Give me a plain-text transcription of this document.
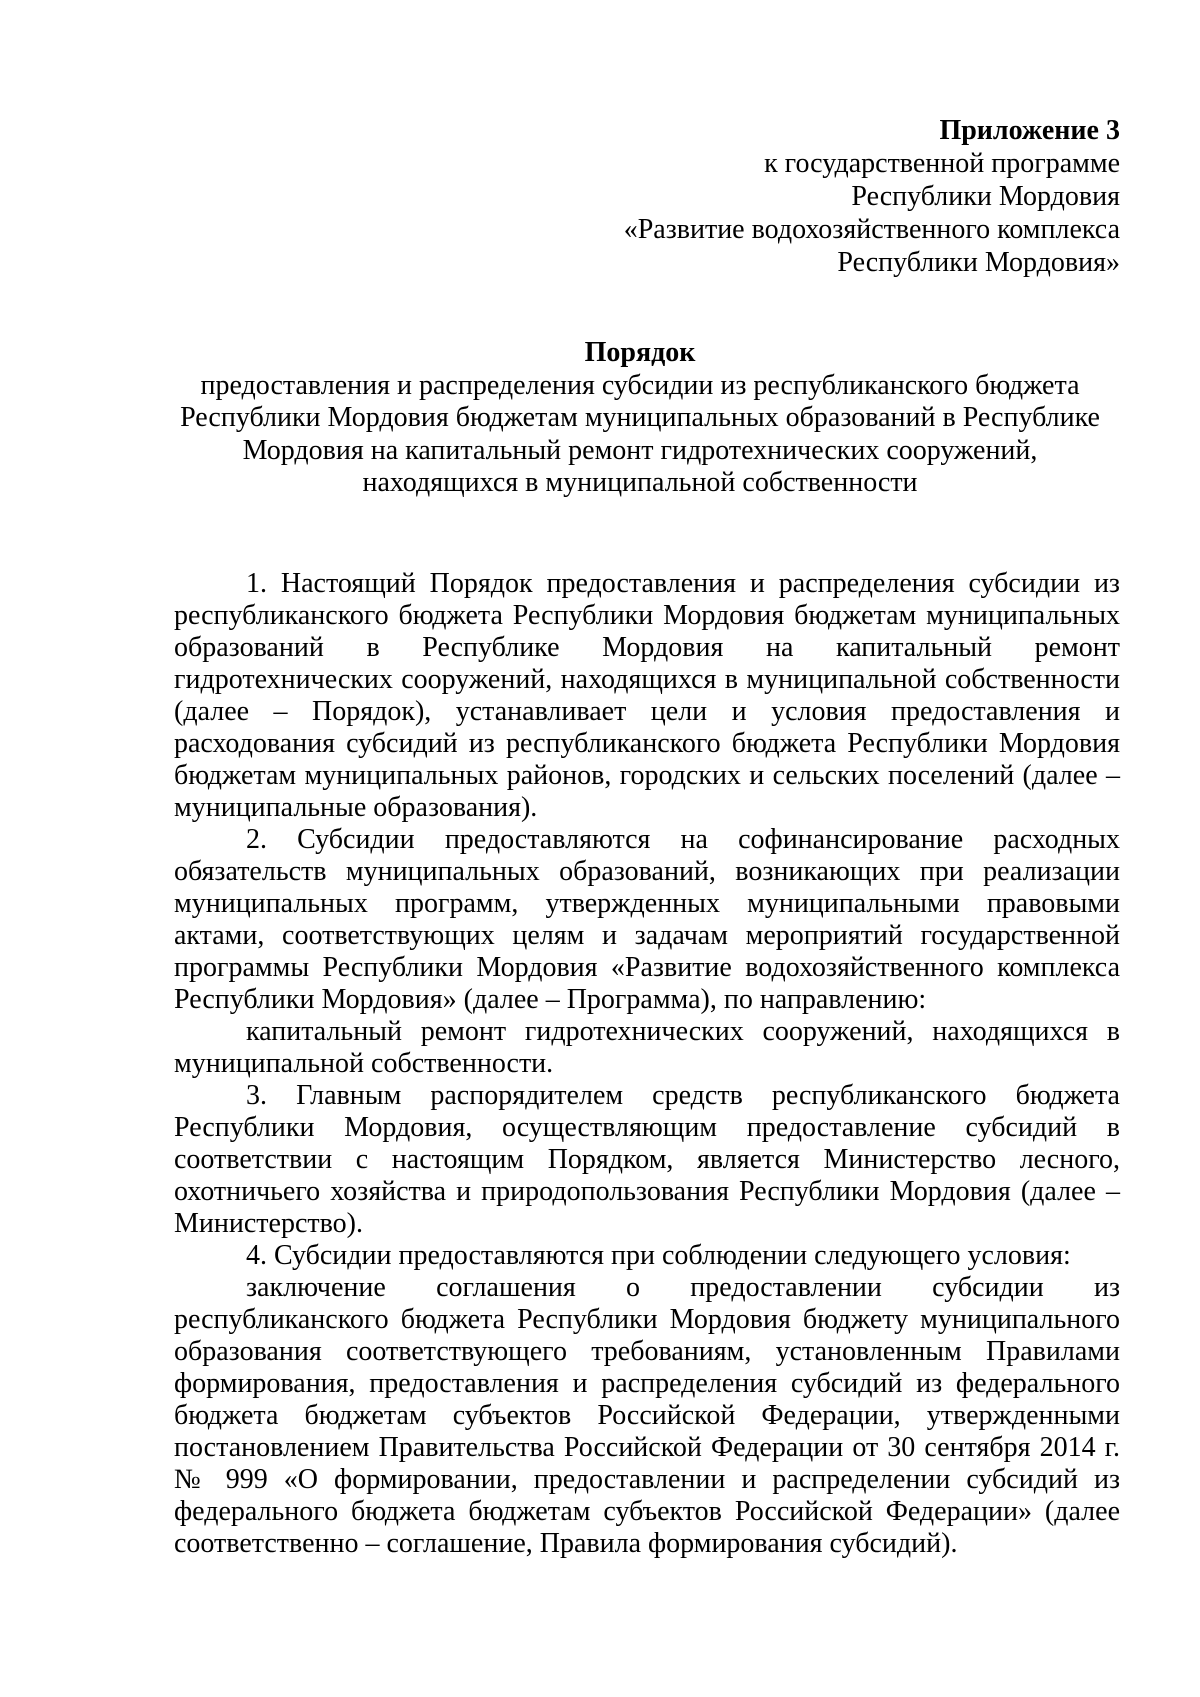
Приложение 3
к государственной программе
Республики Мордовия
«Развитие водохозяйственного комплекса
Республики Мордовия»
Порядок
предоставления и распределения субсидии из республиканского бюджета
Республики Мордовия бюджетам муниципальных образований в Республике
Мордовия на капитальный ремонт гидротехнических сооружений,
находящихся в муниципальной собственности

1. Настоящий Порядок предоставления и распределения субсидии из республиканского бюджета Республики Мордовия бюджетам муниципальных образований в Республике Мордовия на капитальный ремонт гидротехнических сооружений, находящихся в муниципальной собственности (далее – Порядок), устанавливает цели и условия предоставления и расходования субсидий из республиканского бюджета Республики Мордовия бюджетам муниципальных районов, городских и сельских поселений (далее – муниципальные образования).

2. Субсидии предоставляются на софинансирование расходных обязательств муниципальных образований, возникающих при реализации муниципальных программ, утвержденных муниципальными правовыми актами, соответствующих целям и задачам мероприятий государственной программы Республики Мордовия «Развитие водохозяйственного комплекса Республики Мордовия» (далее – Программа), по направлению:

капитальный ремонт гидротехнических сооружений, находящихся в муниципальной собственности.

3. Главным распорядителем средств республиканского бюджета Республики Мордовия, осуществляющим предоставление субсидий в соответствии с настоящим Порядком, является Министерство лесного, охотничьего хозяйства и природопользования Республики Мордовия (далее – Министерство).

4. Субсидии предоставляются при соблюдении следующего условия:

заключение соглашения о предоставлении субсидии из республиканского бюджета Республики Мордовия бюджету муниципального образования соответствующего требованиям, установленным Правилами формирования, предоставления и распределения субсидий из федерального бюджета бюджетам субъектов Российской Федерации, утвержденными постановлением Правительства Российской Федерации от 30 сентября 2014 г. № 999 «О формировании, предоставлении и распределении субсидий из федерального бюджета бюджетам субъектов Российской Федерации» (далее соответственно – соглашение, Правила формирования субсидий).
